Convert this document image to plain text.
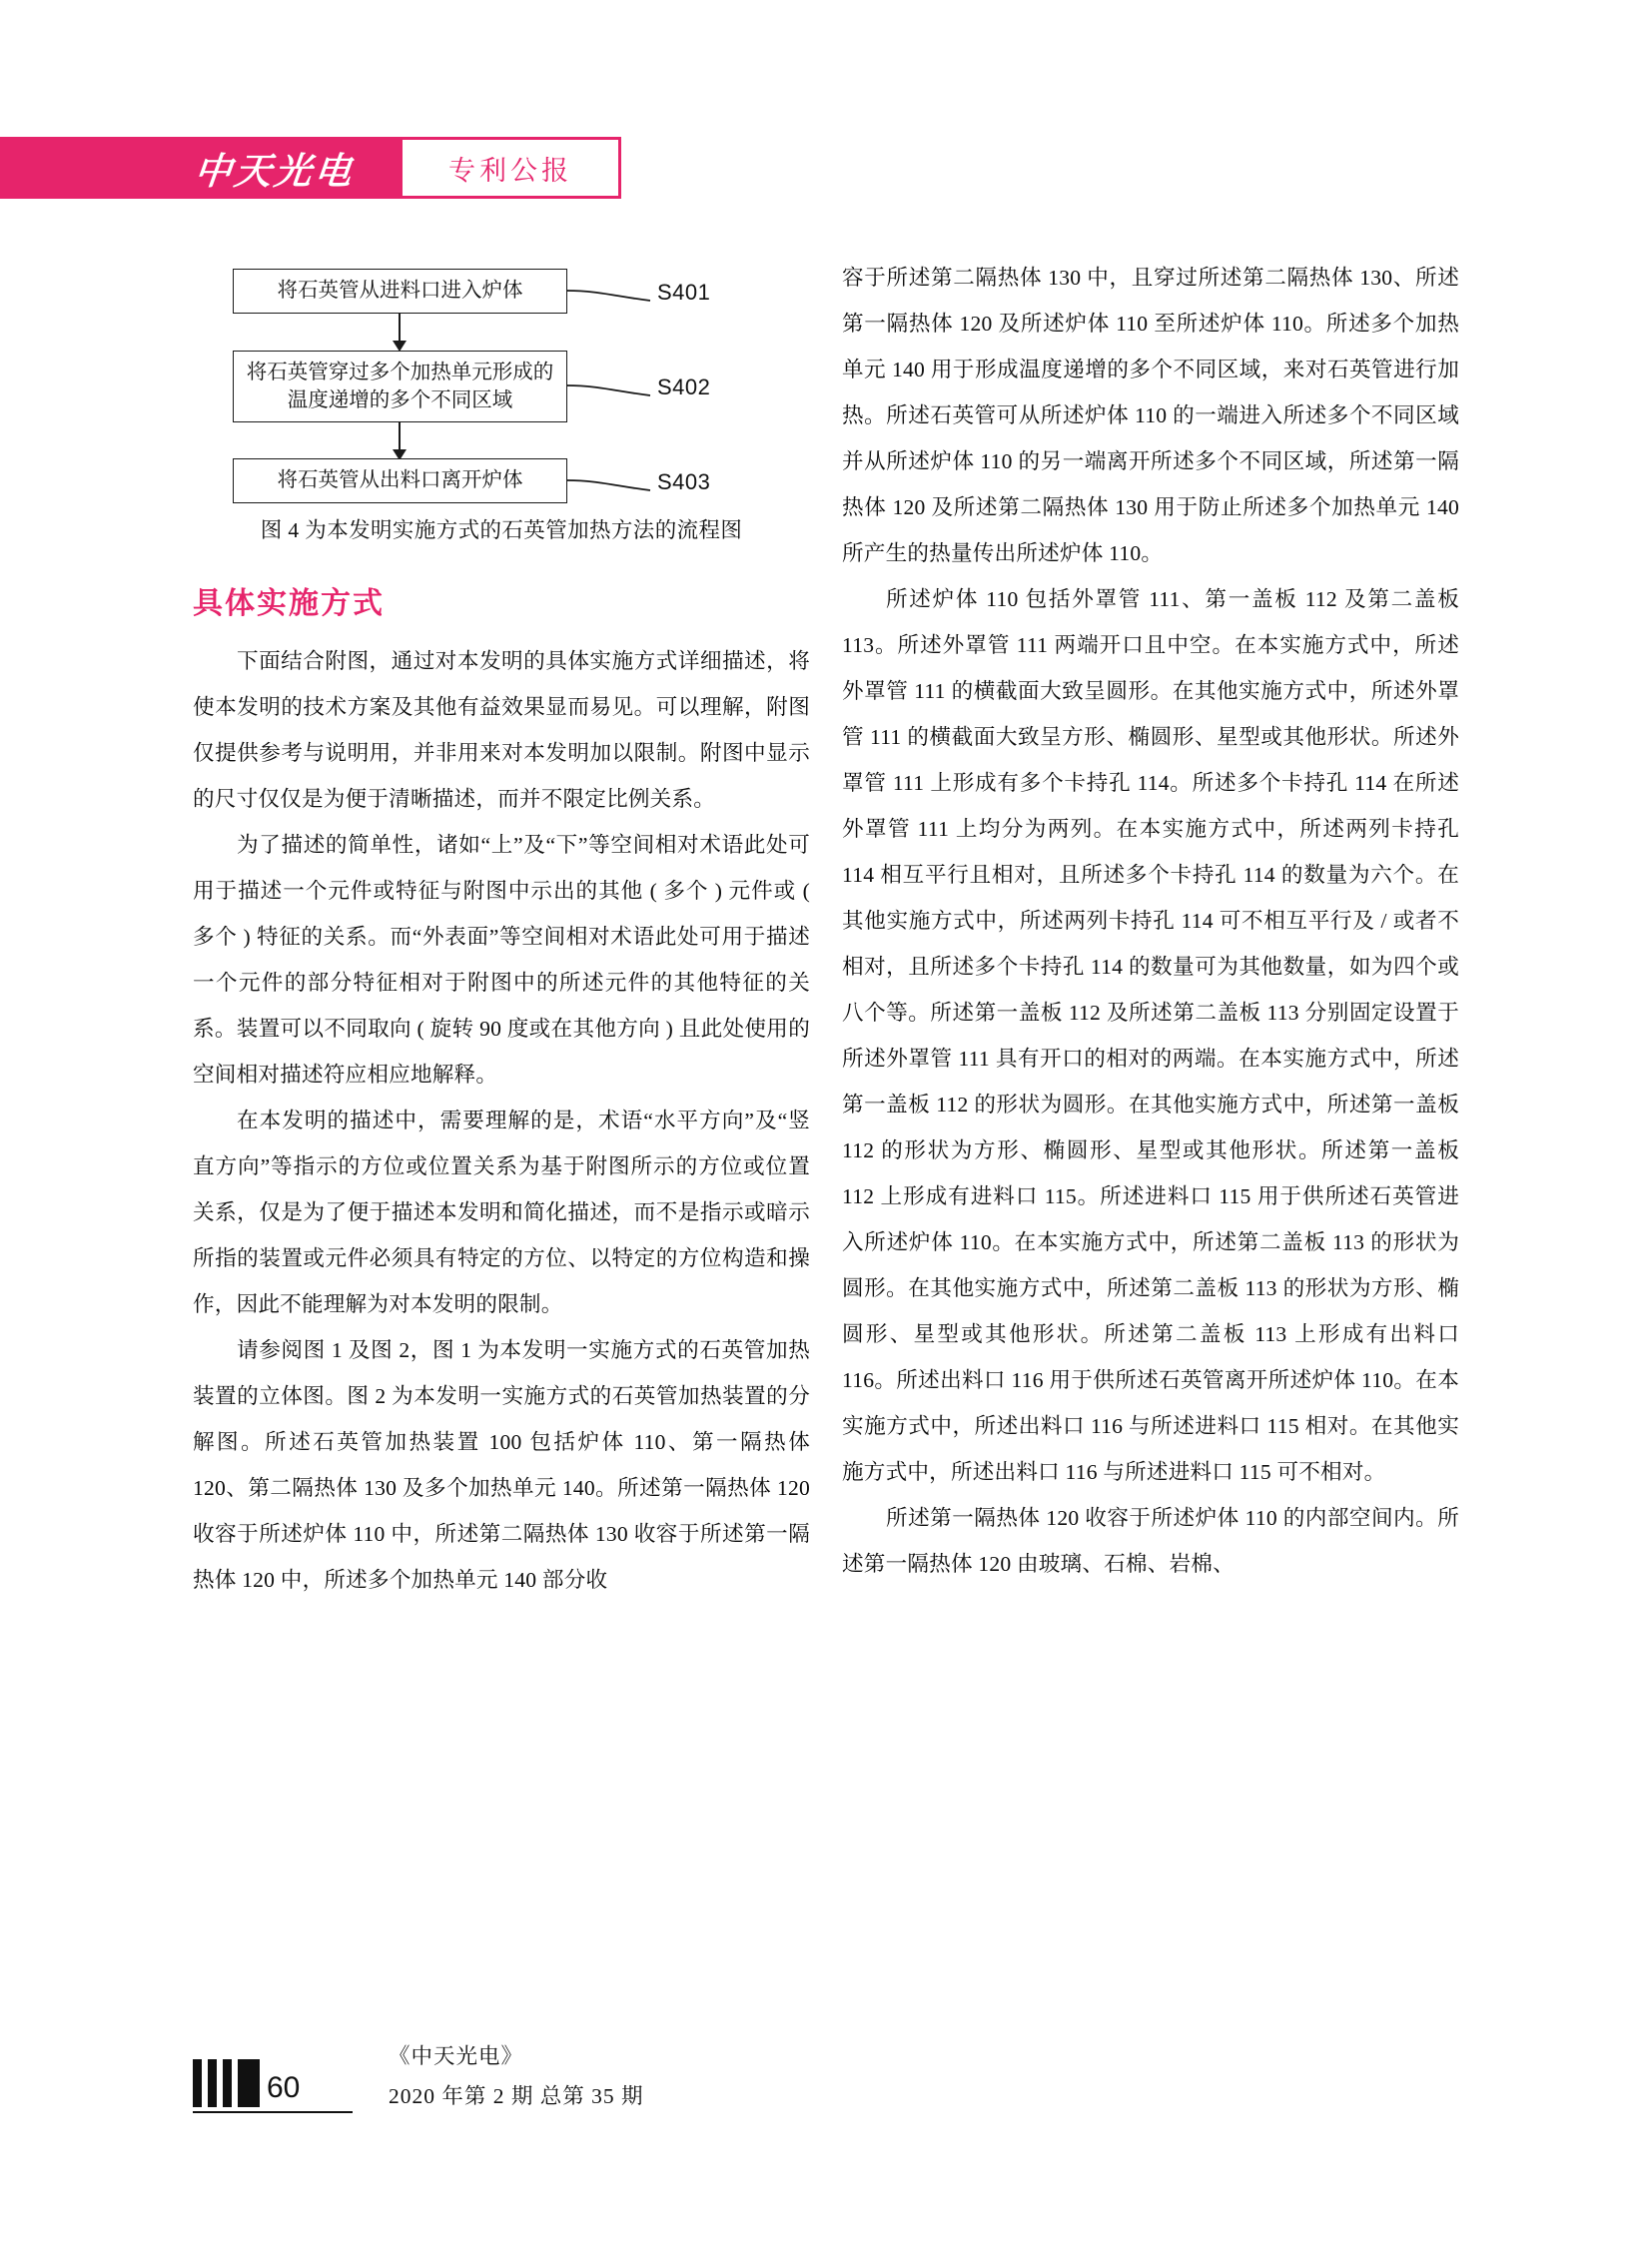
中天光电	专利公报
将石英管从进料口进入炉体
将石英管穿过多个加热单元形成的温度递增的多个不同区域
将石英管从出料口离开炉体
S401
S402
S403
图 4 为本发明实施方式的石英管加热方法的流程图
具体实施方式

下面结合附图，通过对本发明的具体实施方式详细描述，将使本发明的技术方案及其他有益效果显而易见。可以理解，附图仅提供参考与说明用，并非用来对本发明加以限制。附图中显示的尺寸仅仅是为便于清晰描述，而并不限定比例关系。

为了描述的简单性，诸如“上”及“下”等空间相对术语此处可用于描述一个元件或特征与附图中示出的其他 ( 多个 ) 元件或 ( 多个 ) 特征的关系。而“外表面”等空间相对术语此处可用于描述一个元件的部分特征相对于附图中的所述元件的其他特征的关系。装置可以不同取向 ( 旋转 90 度或在其他方向 ) 且此处使用的空间相对描述符应相应地解释。

在本发明的描述中，需要理解的是，术语“水平方向”及“竖直方向”等指示的方位或位置关系为基于附图所示的方位或位置关系，仅是为了便于描述本发明和简化描述，而不是指示或暗示所指的装置或元件必须具有特定的方位、以特定的方位构造和操作，因此不能理解为对本发明的限制。

请参阅图 1 及图 2，图 1 为本发明一实施方式的石英管加热装置的立体图。图 2 为本发明一实施方式的石英管加热装置的分解图。所述石英管加热装置 100 包括炉体 110、第一隔热体 120、第二隔热体 130 及多个加热单元 140。所述第一隔热体 120 收容于所述炉体 110 中，所述第二隔热体 130 收容于所述第一隔热体 120 中，所述多个加热单元 140 部分收

容于所述第二隔热体 130 中，且穿过所述第二隔热体 130、所述第一隔热体 120 及所述炉体 110 至所述炉体 110。所述多个加热单元 140 用于形成温度递增的多个不同区域，来对石英管进行加热。所述石英管可从所述炉体 110 的一端进入所述多个不同区域并从所述炉体 110 的另一端离开所述多个不同区域，所述第一隔热体 120 及所述第二隔热体 130 用于防止所述多个加热单元 140 所产生的热量传出所述炉体 110。

所述炉体 110 包括外罩管 111、第一盖板 112 及第二盖板 113。所述外罩管 111 两端开口且中空。在本实施方式中，所述外罩管 111 的横截面大致呈圆形。在其他实施方式中，所述外罩管 111 的横截面大致呈方形、椭圆形、星型或其他形状。所述外罩管 111 上形成有多个卡持孔 114。所述多个卡持孔 114 在所述外罩管 111 上均分为两列。在本实施方式中，所述两列卡持孔 114 相互平行且相对，且所述多个卡持孔 114 的数量为六个。在其他实施方式中，所述两列卡持孔 114 可不相互平行及 / 或者不相对，且所述多个卡持孔 114 的数量可为其他数量，如为四个或八个等。所述第一盖板 112 及所述第二盖板 113 分别固定设置于所述外罩管 111 具有开口的相对的两端。在本实施方式中，所述第一盖板 112 的形状为圆形。在其他实施方式中，所述第一盖板 112 的形状为方形、椭圆形、星型或其他形状。所述第一盖板 112 上形成有进料口 115。所述进料口 115 用于供所述石英管进入所述炉体 110。在本实施方式中，所述第二盖板 113 的形状为圆形。在其他实施方式中，所述第二盖板 113 的形状为方形、椭圆形、星型或其他形状。所述第二盖板 113 上形成有出料口 116。所述出料口 116 用于供所述石英管离开所述炉体 110。在本实施方式中，所述出料口 116 与所述进料口 115 相对。在其他实施方式中，所述出料口 116 与所述进料口 115 可不相对。

所述第一隔热体 120 收容于所述炉体 110 的内部空间内。所述第一隔热体 120 由玻璃、石棉、岩棉、

60
《中天光电》
2020 年第 2 期 总第 35 期
